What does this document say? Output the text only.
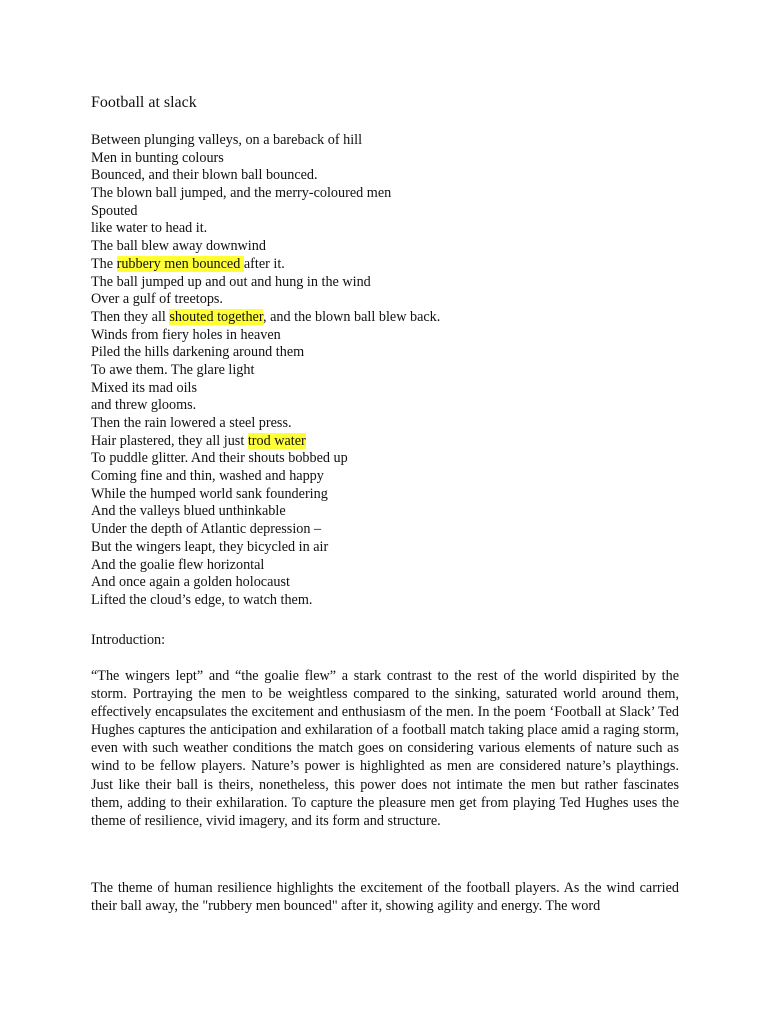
Football at slack
Between plunging valleys, on a bareback of hill
Men in bunting colours
Bounced, and their blown ball bounced.
The blown ball jumped, and the merry-coloured men
Spouted
like water to head it.
The ball blew away downwind
The rubbery men bounced after it.
The ball jumped up and out and hung in the wind
Over a gulf of treetops.
Then they all shouted together, and the blown ball blew back.
Winds from fiery holes in heaven
Piled the hills darkening around them
To awe them. The glare light
Mixed its mad oils
and threw glooms.
Then the rain lowered a steel press.
Hair plastered, they all just trod water
To puddle glitter. And their shouts bobbed up
Coming fine and thin, washed and happy
While the humped world sank foundering
And the valleys blued unthinkable
Under the depth of Atlantic depression –
But the wingers leapt, they bicycled in air
And the goalie flew horizontal
And once again a golden holocaust
Lifted the cloud’s edge, to watch them.
Introduction:

“The wingers lept” and “the goalie flew” a stark contrast to the rest of the world dispirited by the storm. Portraying the men to be weightless compared to the sinking, saturated world around them, effectively encapsulates the excitement and enthusiasm of the men. In the poem ‘Football at Slack’ Ted Hughes captures the anticipation and exhilaration of a football match taking place amid a raging storm, even with such weather conditions the match goes on considering various elements of nature such as wind to be fellow players. Nature’s power is highlighted as men are considered nature’s playthings. Just like their ball is theirs, nonetheless, this power does not intimate the men but rather fascinates them, adding to their exhilaration. To capture the pleasure men get from playing Ted Hughes uses the theme of resilience, vivid imagery, and its form and structure.

The theme of human resilience highlights the excitement of the football players. As the wind carried their ball away, the "rubbery men bounced" after it, showing agility and energy. The word
